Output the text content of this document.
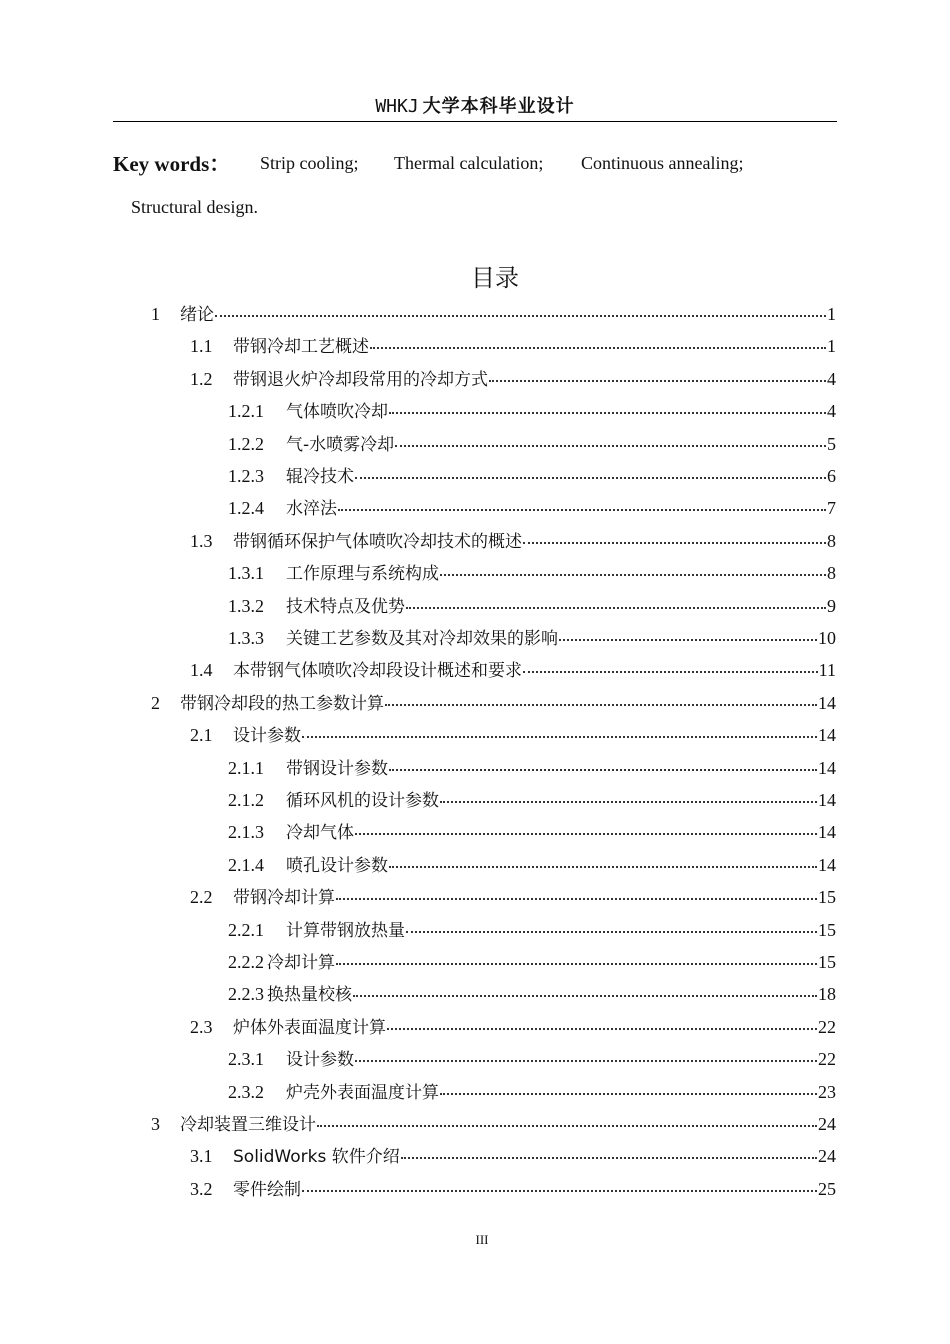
WHKJ 大学本科毕业设计
Key words： Strip cooling; Thermal calculation; Continuous annealing;
Structural design.
目录
1	绪论	1
1.1	带钢冷却工艺概述	1
1.2	带钢退火炉冷却段常用的冷却方式	4
1.2.1	气体喷吹冷却	4
1.2.2	气-水喷雾冷却	5
1.2.3	辊冷技术	6
1.2.4	水淬法	7
1.3	带钢循环保护气体喷吹冷却技术的概述	8
1.3.1	工作原理与系统构成	8
1.3.2	技术特点及优势	9
1.3.3	关键工艺参数及其对冷却效果的影响	10
1.4	本带钢气体喷吹冷却段设计概述和要求	11
2	带钢冷却段的热工参数计算	14
2.1	设计参数	14
2.1.1	带钢设计参数	14
2.1.2	循环风机的设计参数	14
2.1.3	冷却气体	14
2.1.4	喷孔设计参数	14
2.2	带钢冷却计算	15
2.2.1	计算带钢放热量	15
2.2.2 冷却计算	15
2.2.3 换热量校核	18
2.3	炉体外表面温度计算	22
2.3.1	设计参数	22
2.3.2	炉壳外表面温度计算	23
3	冷却装置三维设计	24
3.1	SolidWorks 软件介绍	24
3.2	零件绘制	25
III
